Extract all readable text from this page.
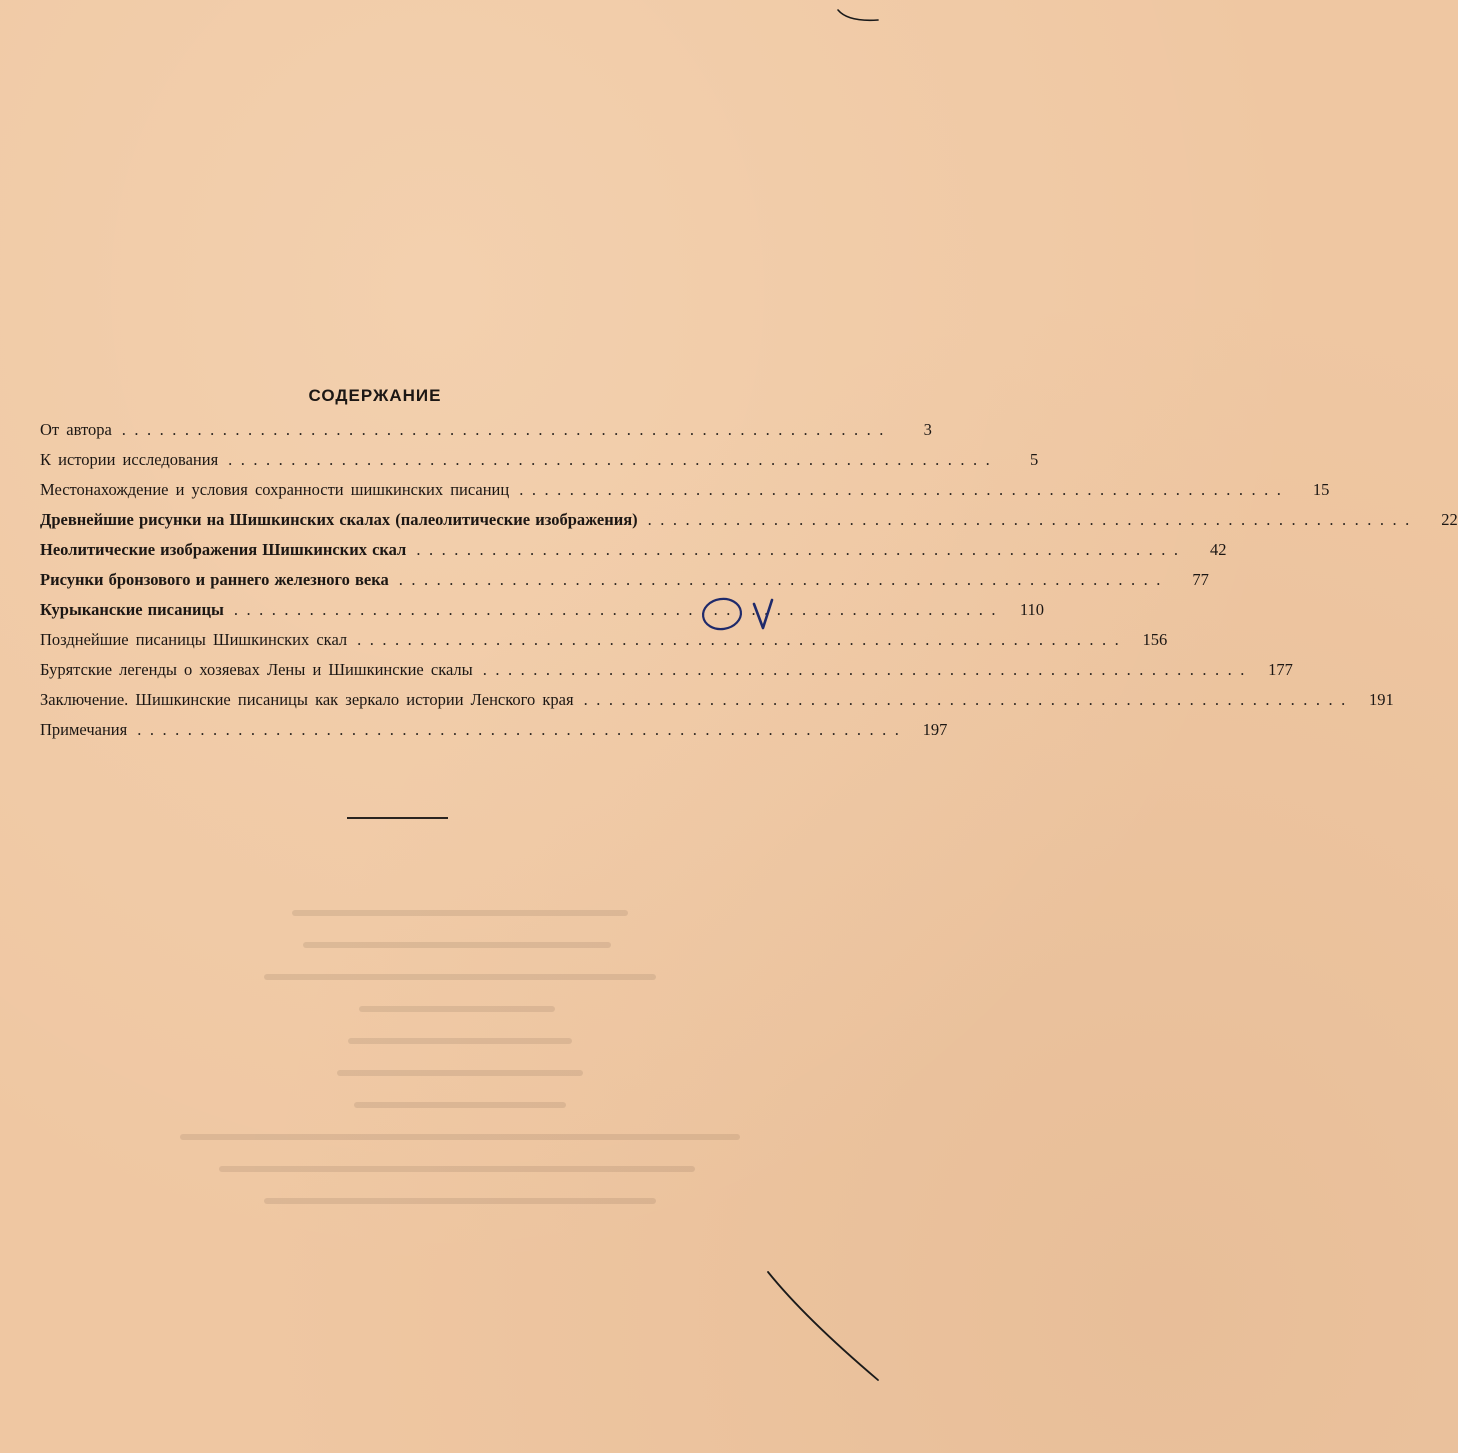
СОДЕРЖАНИЕ
От автора .............................................................	3
К истории исследования .............................................................	5
Местонахождение и условия сохранности шишкинских писаниц .............................................................	15
Древнейшие рисунки на Шишкинских скалах (палеолитические изображения) .............................................................	22
Неолитические изображения Шишкинских скал .............................................................	42
Рисунки бронзового и раннего железного века .............................................................	77
Курыканские писаницы ............................................................. 110
Позднейшие писаницы Шишкинских скал ............................................................. 156
Бурятские легенды о хозяевах Лены и Шишкинские скалы ............................................................. 177
Заключение. Шишкинские писаницы как зеркало истории Ленского края ............................................................. 191
Примечания ............................................................. 197
